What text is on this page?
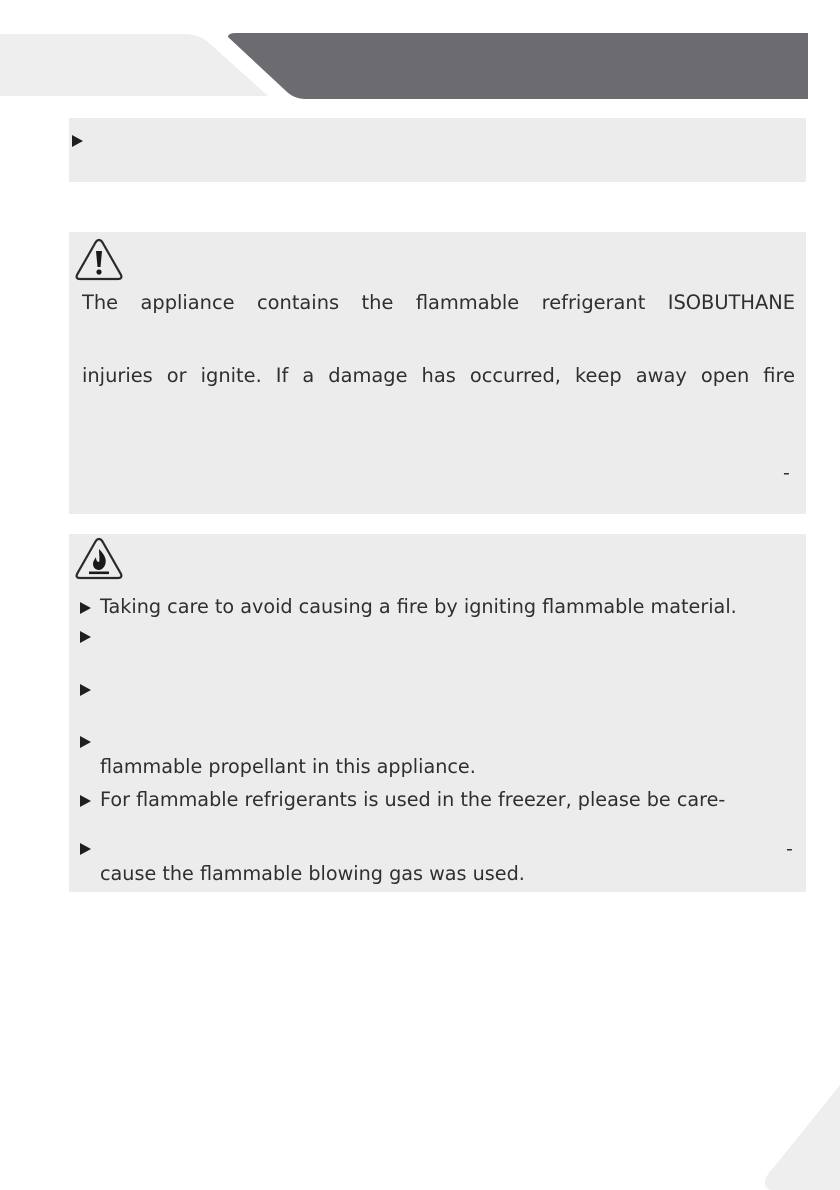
The appliance contains the flammable refrigerant ISOBUTHANE

injuries or ignite. If a damage has occurred, keep away open fire

-

Taking care to avoid causing a fire by igniting flammable material.

flammable propellant in this appliance.

For flammable refrigerants is used in the freezer, please be care-

-

cause the flammable blowing gas was used.
